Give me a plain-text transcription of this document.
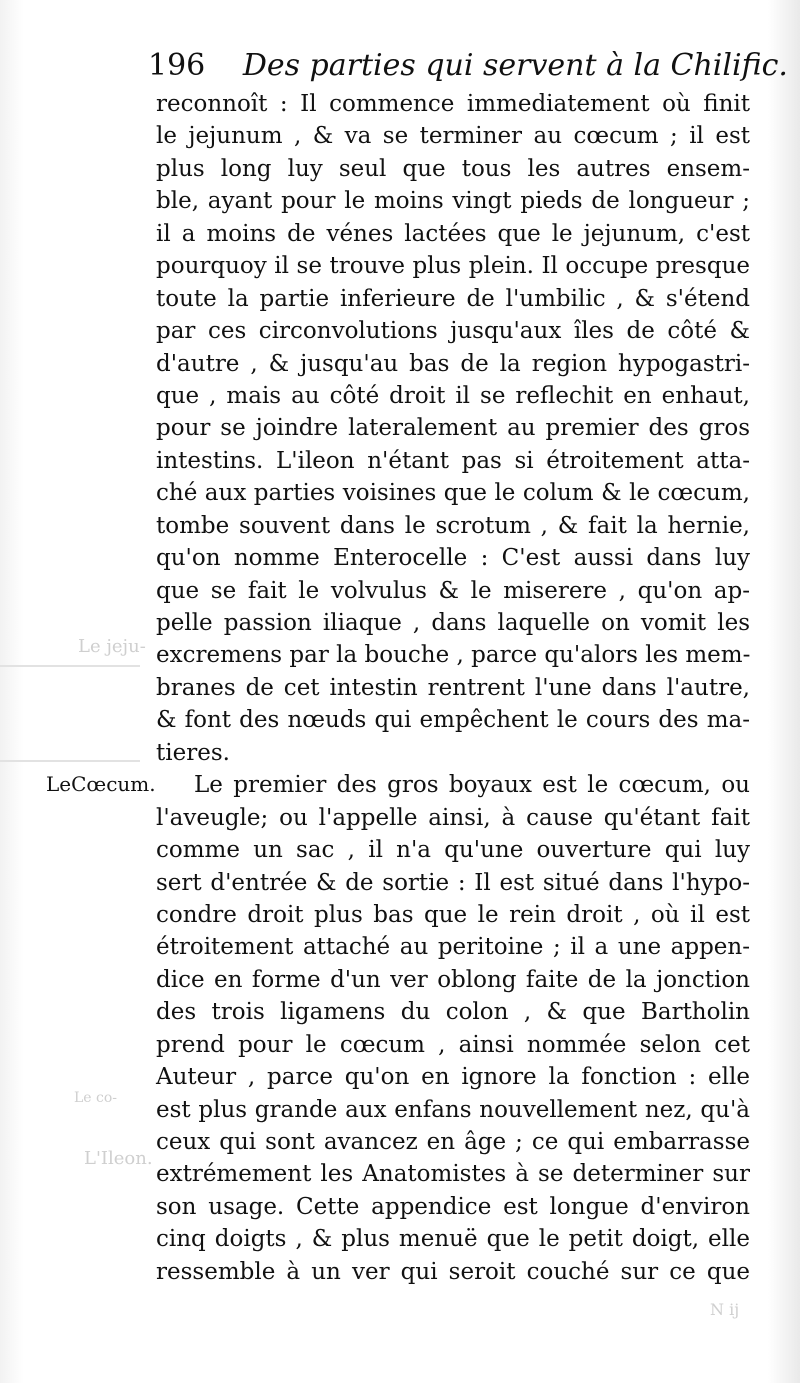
Le jeju-
L'Ileon.
Le co-
N ij
196 Des parties qui servent à la Chilific.
LeCœcum.
reconnoît : Il commence immediatement où finit
le jejunum , & va se terminer au cœcum ; il est
plus long luy seul que tous les autres ensem-
ble, ayant pour le moins vingt pieds de longueur ;
il a moins de vénes lactées que le jejunum, c'est
pourquoy il se trouve plus plein. Il occupe presque
toute la partie inferieure de l'umbilic , & s'étend
par ces circonvolutions jusqu'aux îles de côté &
d'autre , & jusqu'au bas de la region hypogastri-
que , mais au côté droit il se reflechit en enhaut,
pour se joindre lateralement au premier des gros
intestins. L'ileon n'étant pas si étroitement atta-
ché aux parties voisines que le colum & le cœcum,
tombe souvent dans le scrotum , & fait la hernie,
qu'on nomme Enterocelle : C'est aussi dans luy
que se fait le volvulus & le miserere , qu'on ap-
pelle passion iliaque , dans laquelle on vomit les
excremens par la bouche , parce qu'alors les mem-
branes de cet intestin rentrent l'une dans l'autre,
& font des nœuds qui empêchent le cours des ma-
tieres.
Le premier des gros boyaux est le cœcum, ou
l'aveugle; ou l'appelle ainsi, à cause qu'étant fait
comme un sac , il n'a qu'une ouverture qui luy
sert d'entrée & de sortie : Il est situé dans l'hypo-
condre droit plus bas que le rein droit , où il est
étroitement attaché au peritoine ; il a une appen-
dice en forme d'un ver oblong faite de la jonction
des trois ligamens du colon , & que Bartholin
prend pour le cœcum , ainsi nommée selon cet
Auteur , parce qu'on en ignore la fonction : elle
est plus grande aux enfans nouvellement nez, qu'à
ceux qui sont avancez en âge ; ce qui embarrasse
extrémement les Anatomistes à se determiner sur
son usage. Cette appendice est longue d'environ
cinq doigts , & plus menuë que le petit doigt, elle
ressemble à un ver qui seroit couché sur ce que
